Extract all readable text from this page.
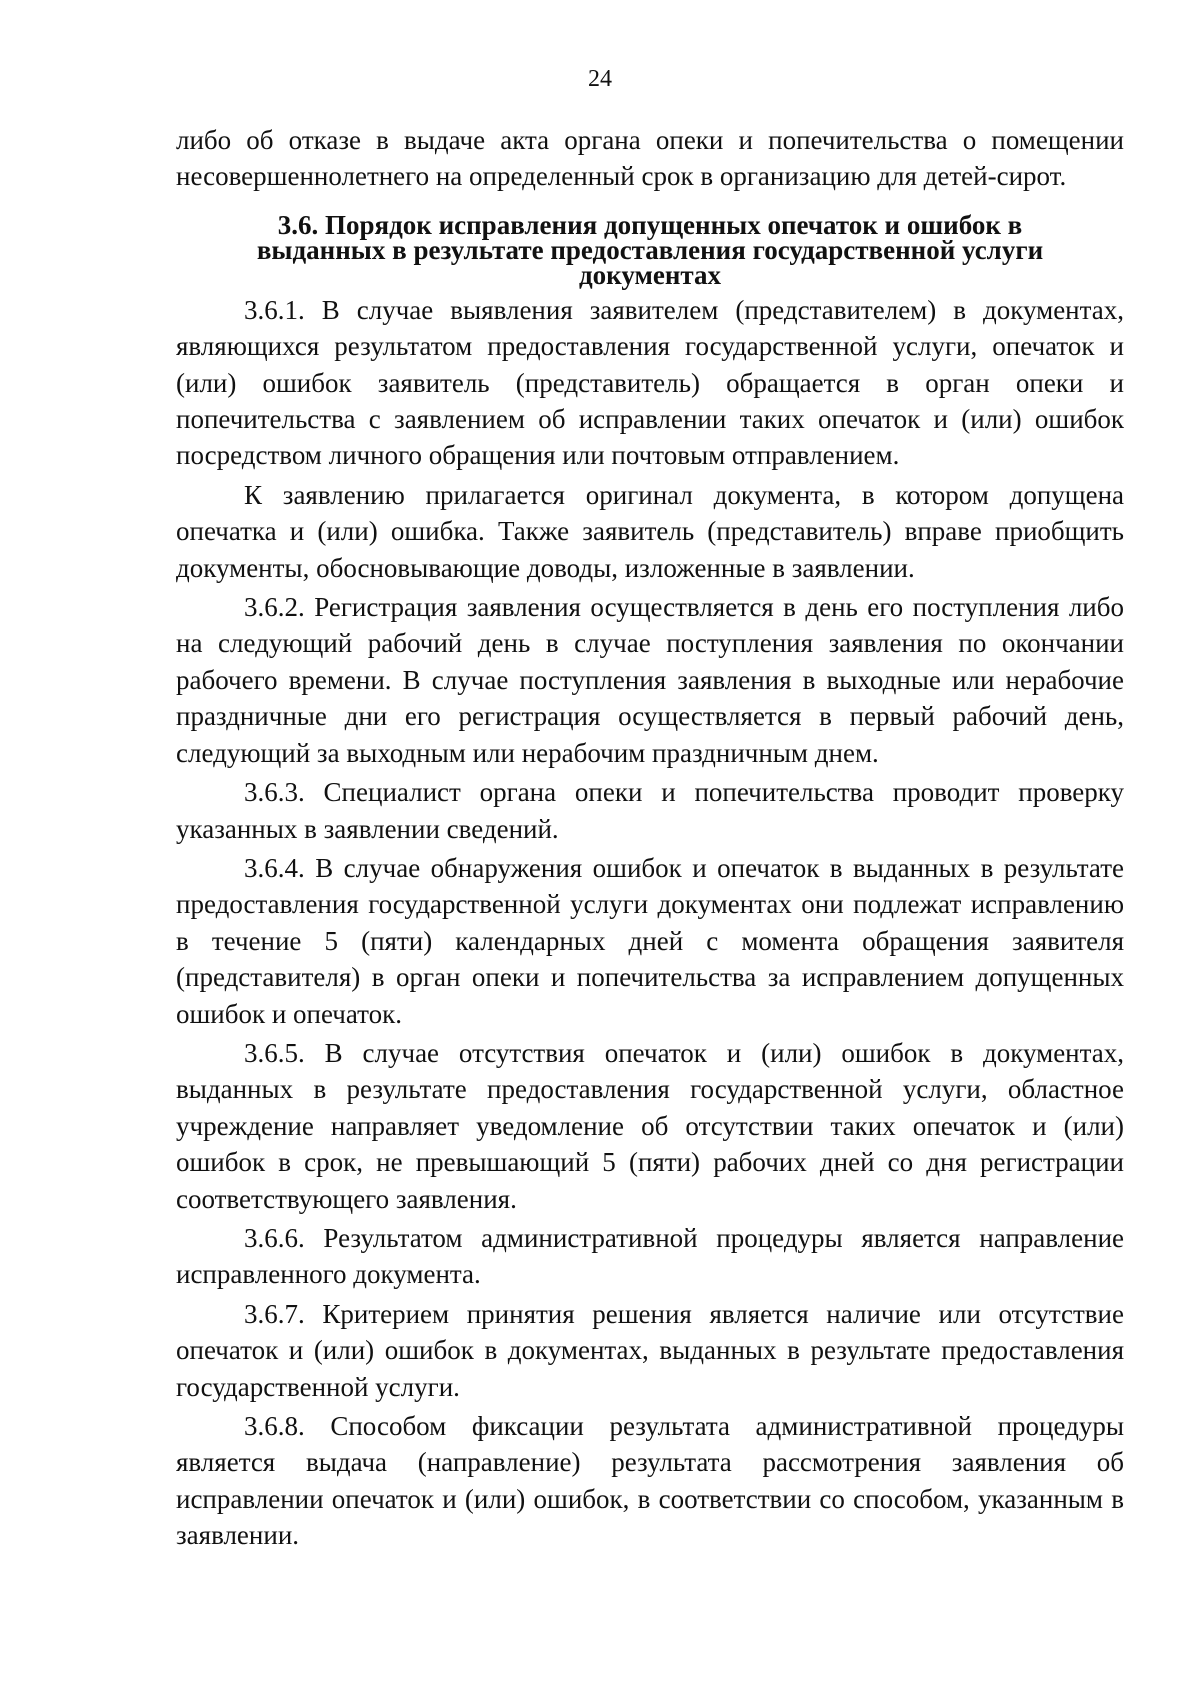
24

либо об отказе в выдаче акта органа опеки и попечительства о помещении несовершеннолетнего на определенный срок в организацию для детей-сирот.

3.6. Порядок исправления допущенных опечаток и ошибок в
выданных в результате предоставления государственной услуги
документах

3.6.1. В случае выявления заявителем (представителем) в документах, являющихся результатом предоставления государственной услуги, опечаток и (или) ошибок заявитель (представитель) обращается в орган опеки и попечительства с заявлением об исправлении таких опечаток и (или) ошибок посредством личного обращения или почтовым отправлением.

К заявлению прилагается оригинал документа, в котором допущена опечатка и (или) ошибка. Также заявитель (представитель) вправе приобщить документы, обосновывающие доводы, изложенные в заявлении.

3.6.2. Регистрация заявления осуществляется в день его поступления либо на следующий рабочий день в случае поступления заявления по окончании рабочего времени. В случае поступления заявления в выходные или нерабочие праздничные дни его регистрация осуществляется в первый рабочий день, следующий за выходным или нерабочим праздничным днем.

3.6.3. Специалист органа опеки и попечительства проводит проверку указанных в заявлении сведений.

3.6.4. В случае обнаружения ошибок и опечаток в выданных в результате предоставления государственной услуги документах они подлежат исправлению в течение 5 (пяти) календарных дней с момента обращения заявителя (представителя) в орган опеки и попечительства за исправлением допущенных ошибок и опечаток.

3.6.5. В случае отсутствия опечаток и (или) ошибок в документах, выданных в результате предоставления государственной услуги, областное учреждение направляет уведомление об отсутствии таких опечаток и (или) ошибок в срок, не превышающий 5 (пяти) рабочих дней со дня регистрации соответствующего заявления.

3.6.6. Результатом административной процедуры является направление исправленного документа.

3.6.7. Критерием принятия решения является наличие или отсутствие опечаток и (или) ошибок в документах, выданных в результате предоставления государственной услуги.

3.6.8. Способом фиксации результата административной процедуры является выдача (направление) результата рассмотрения заявления об исправлении опечаток и (или) ошибок, в соответствии со способом, указанным в заявлении.
